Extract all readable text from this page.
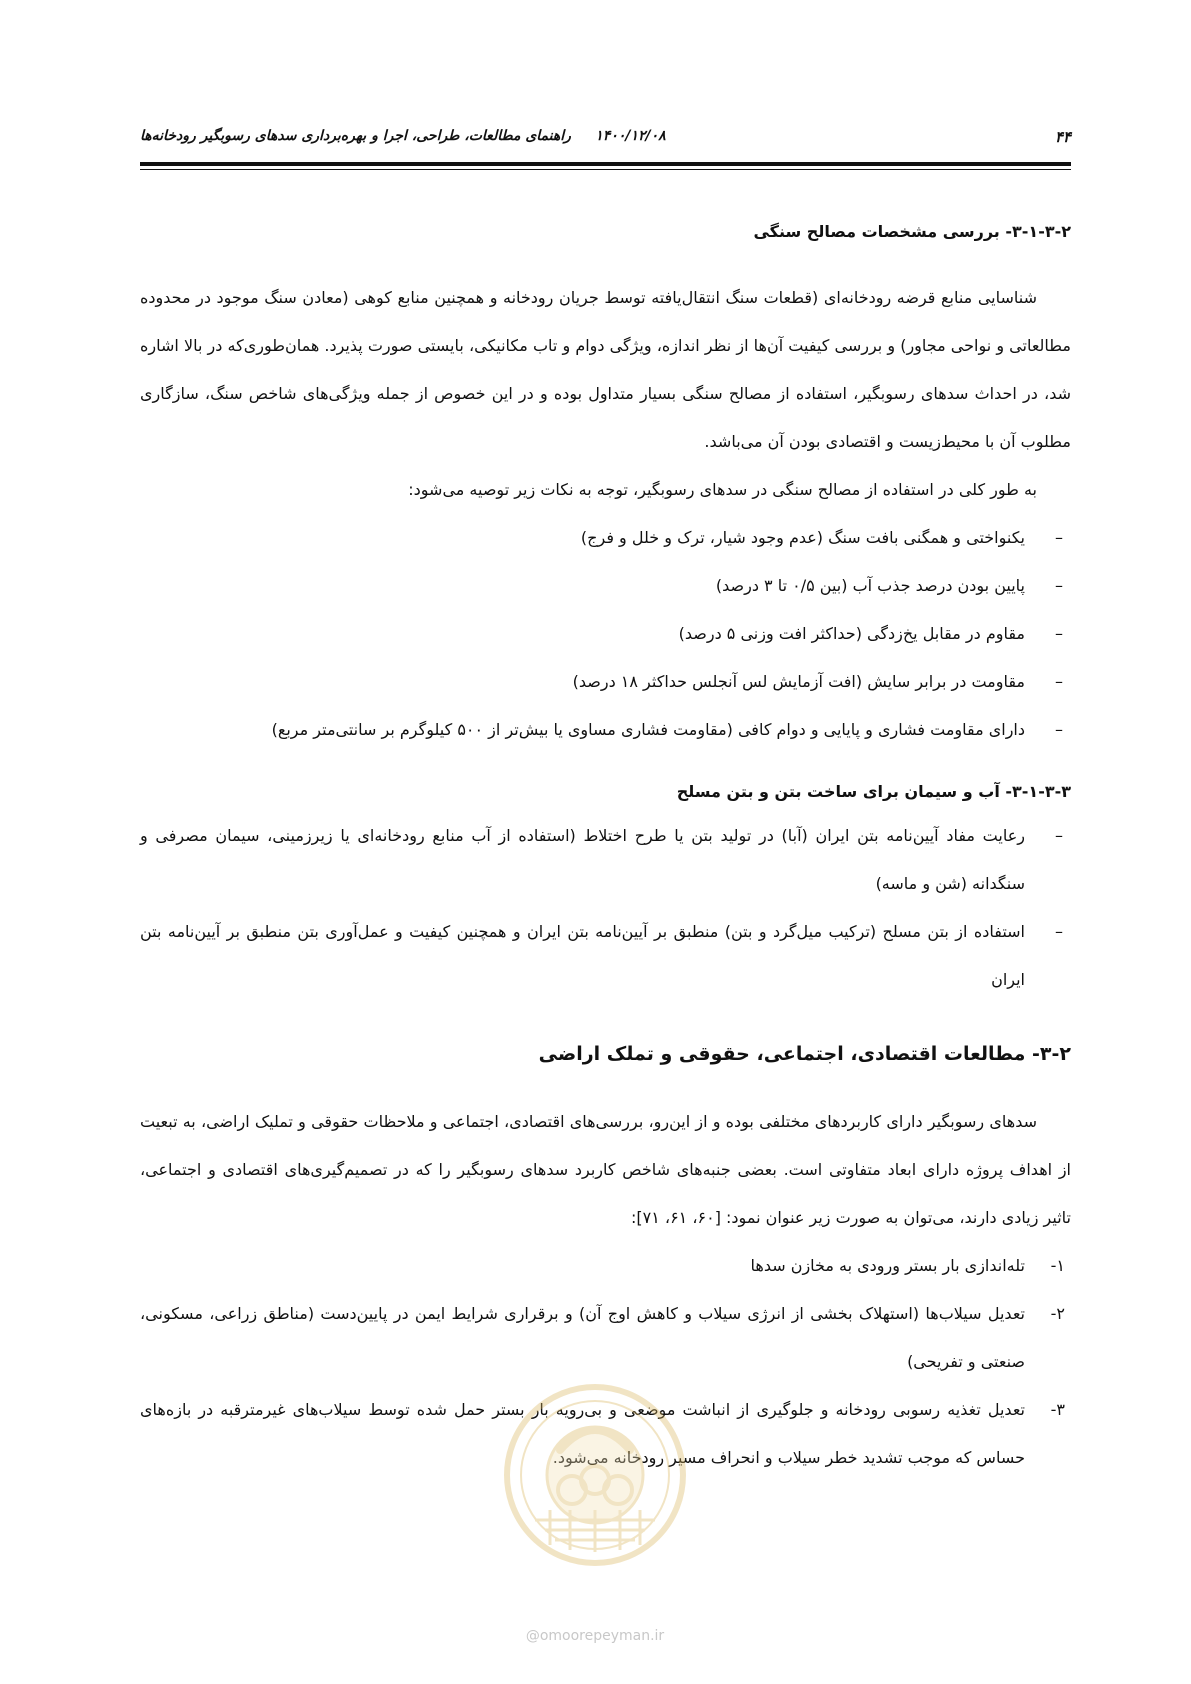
۴۴
۱۴۰۰/۱۲/۰۸     راهنمای مطالعات، طراحی، اجرا و بهره‌برداری سدهای رسوبگیر رودخانه‌ها
۳-۱-۳-۲- بررسی مشخصات مصالح سنگی

شناسایی منابع قرضه رودخانه‌ای (قطعات سنگ انتقال‌یافته توسط جریان رودخانه و همچنین منابع کوهی (معادن سنگ موجود در محدوده مطالعاتی و نواحی مجاور) و بررسی کیفیت آن‌ها از نظر اندازه، ویژگی دوام و تاب مکانیکی، بایستی صورت پذیرد. همان‌طوری‌که در بالا اشاره شد، در احداث سدهای رسوبگیر، استفاده از مصالح سنگی بسیار متداول بوده و در این خصوص از جمله ویژگی‌های شاخص سنگ، سازگاری مطلوب آن با محیط‌زیست و اقتصادی بودن آن می‌باشد.

به طور کلی در استفاده از مصالح سنگی در سدهای رسوبگیر، توجه به نکات زیر توصیه می‌شود:

– یکنواختی و همگنی بافت سنگ (عدم وجود شیار، ترک و خلل و فرج)
– پایین بودن درصد جذب آب (بین ۰/۵ تا ۳ درصد)
– مقاوم در مقابل یخ‌زدگی (حداکثر افت وزنی ۵ درصد)
– مقاومت در برابر سایش (افت آزمایش لس آنجلس حداکثر ۱۸ درصد)
– دارای مقاومت فشاری و پایایی و دوام کافی (مقاومت فشاری مساوی یا بیش‌تر از ۵۰۰ کیلوگرم بر سانتی‌متر مربع)
۳-۱-۳-۳- آب و سیمان برای ساخت بتن و بتن مسلح
– رعایت مفاد آیین‌نامه بتن ایران (آبا) در تولید بتن یا طرح اختلاط (استفاده از آب منابع رودخانه‌ای یا زیرزمینی، سیمان مصرفی و سنگدانه (شن و ماسه)
– استفاده از بتن مسلح (ترکیب میل‌گرد و بتن) منطبق بر آیین‌نامه بتن ایران و همچنین کیفیت و عمل‌آوری بتن منطبق بر آیین‌نامه بتن ایران
۳-۲- مطالعات اقتصادی، اجتماعی، حقوقی و تملک اراضی

سدهای رسوبگیر دارای کاربردهای مختلفی بوده و از این‌رو، بررسی‌های اقتصادی، اجتماعی و ملاحظات حقوقی و تملیک اراضی، به تبعیت از اهداف پروژه دارای ابعاد متفاوتی است. بعضی جنبه‌های شاخص کاربرد سدهای رسوبگیر را که در تصمیم‌گیری‌های اقتصادی و اجتماعی، تاثیر زیادی دارند، می‌توان به صورت زیر عنوان نمود: [۶۰، ۶۱، ۷۱]:

۱-
تله‌اندازی بار بستر ورودی به مخازن سدها
۲-
تعدیل سیلاب‌ها (استهلاک بخشی از انرژی سیلاب و کاهش اوج آن) و برقراری شرایط ایمن در پایین‌دست (مناطق زراعی، مسکونی، صنعتی و تفریحی)
۳-
تعدیل تغذیه رسوبی رودخانه و جلوگیری از انباشت موضعی و بی‌رویه بار بستر حمل شده توسط سیلاب‌های غیرمترقبه در بازه‌های حساس که موجب تشدید خطر سیلاب و انحراف مسیر رودخانه می‌شود.
@omoorepeyman.ir
